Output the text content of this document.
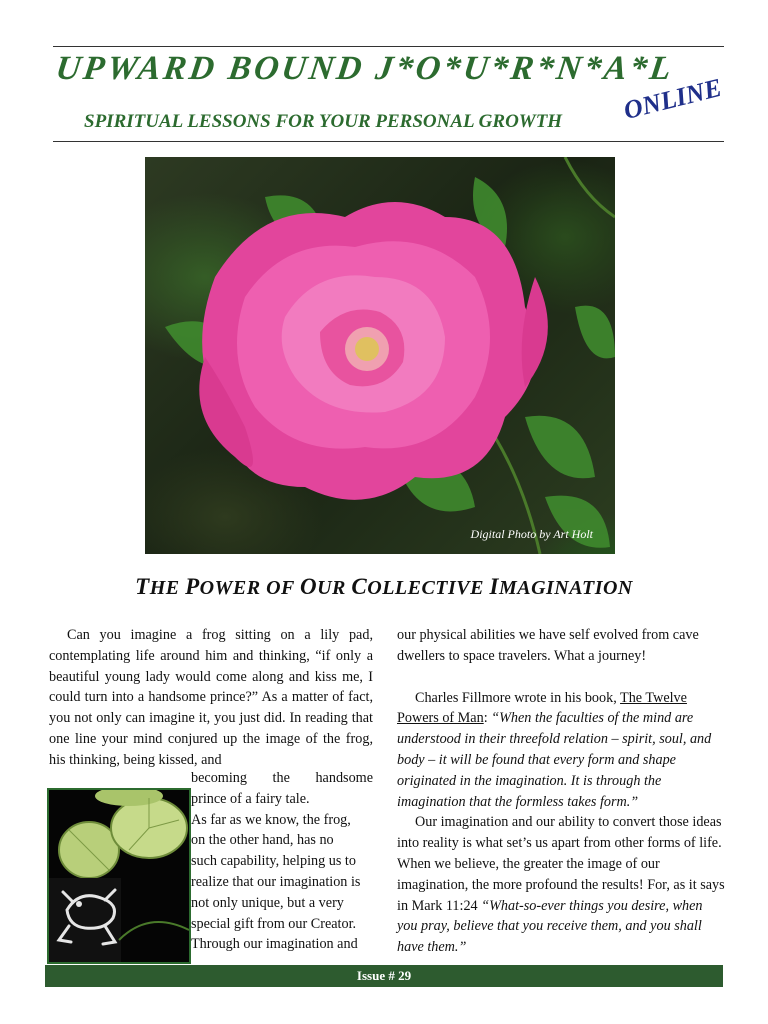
UPWARD BOUND J*O*U*R*N*A*L
SPIRITUAL LESSONS FOR YOUR PERSONAL GROWTH ONLINE
Digital Photo by Art Holt
THE POWER OF OUR COLLECTIVE IMAGINATION

Can you imagine a frog sitting on a lily pad, contemplating life around him and thinking, “if only a beautiful young lady would come along and kiss me, I could turn into a handsome prince?” As a matter of fact, you not only can imagine it, you just did. In reading that one line your mind conjured up the image of the frog, his thinking, being kissed, and

becoming the handsome

prince of a fairy tale.

As far as we know, the frog,

on the other hand, has no

such capability, helping us to

realize that our imagination is

not only unique, but a very

special gift from our Creator.

Through our imagination and

our physical abilities we have self evolved from cave dwellers to space travelers. What a journey!

Charles Fillmore wrote in his book, The Twelve
Powers of Man: “When the faculties of the mind are understood in their threefold relation – spirit, soul, and body – it will be found that every form and shape originated in the imagination. It is through the imagination that the formless takes form.”

Our imagination and our ability to convert those ideas into reality is what set’s us apart from other forms of life. When we believe, the greater the image of our imagination, the more profound the results! For, as it says in Mark 11:24 “What-so-ever things you desire, when you pray, believe that you receive them, and you shall have them.”

Issue # 29
